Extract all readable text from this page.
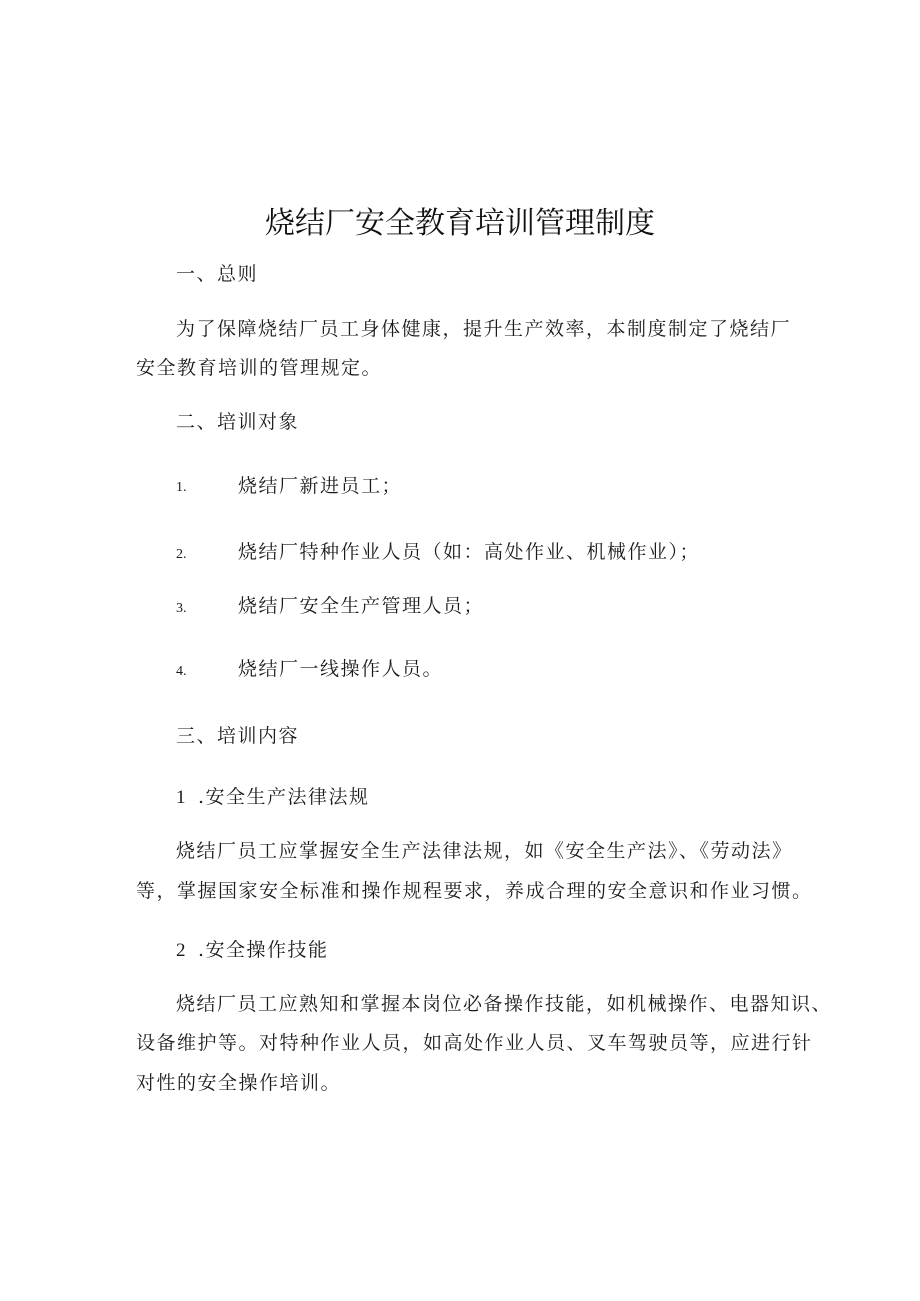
烧结厂安全教育培训管理制度
一、总则
为了保障烧结厂员工身体健康，提升生产效率，本制度制定了烧结厂
安全教育培训的管理规定。
二、培训对象
1.	烧结厂新进员工；
2.	烧结厂特种作业人员（如：高处作业、机械作业）；
3.	烧结厂安全生产管理人员；
4.	烧结厂一线操作人员。
三、培训内容
1 .安全生产法律法规
烧结厂员工应掌握安全生产法律法规，如《安全生产法》、《劳动法》
等，掌握国家安全标准和操作规程要求，养成合理的安全意识和作业习惯。
2 .安全操作技能
烧结厂员工应熟知和掌握本岗位必备操作技能，如机械操作、电器知识、
设备维护等。对特种作业人员，如高处作业人员、叉车驾驶员等，应进行针
对性的安全操作培训。
